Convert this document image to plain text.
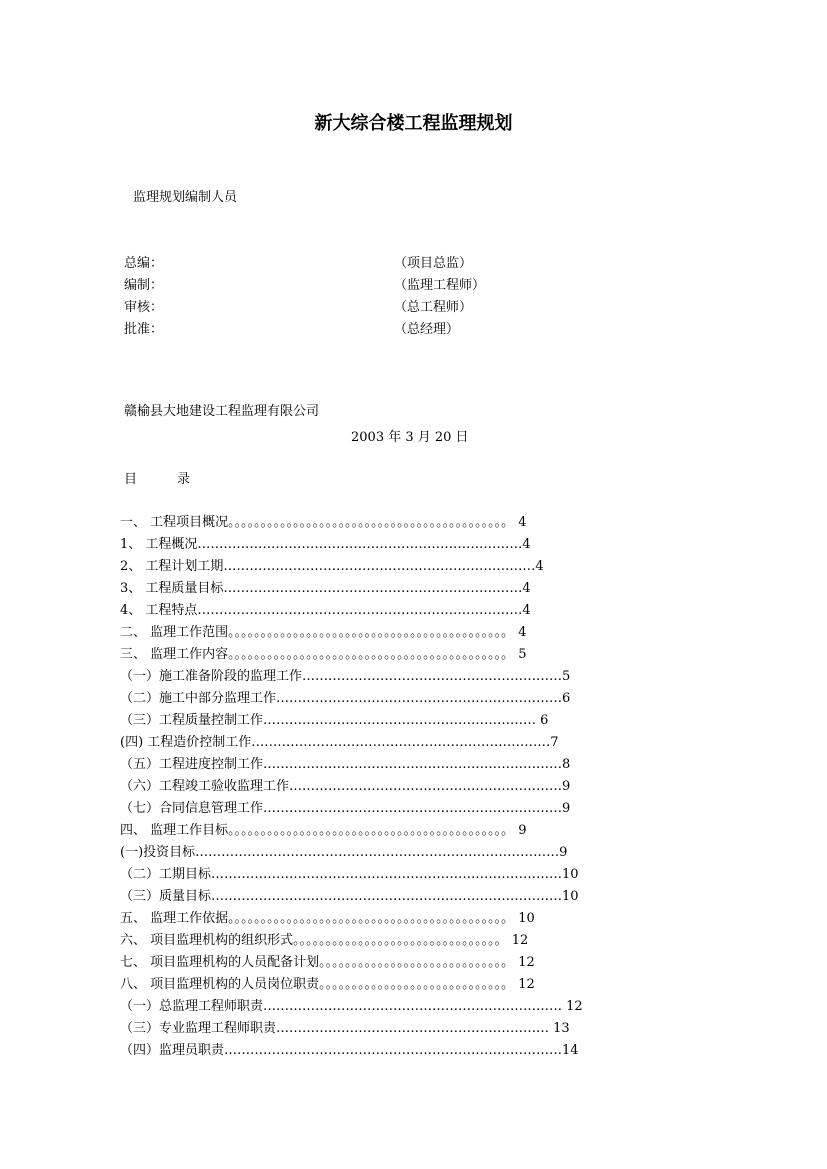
新大综合楼工程监理规划
监理规划编制人员
总编：	（项目总监）
编制：	（监理工程师）
审核：	（总工程师）
批准：	（总经理）
赣榆县大地建设工程监理有限公司
2003 年 3 月 20 日
目	录
一、 工程项目概况。。。。。。。。。。。。。。。。。。。。。。。。。。。。。。。。。。。。。。。。。。。 4
1、 工程概况…………………………………………………………………4
2、 工程计划工期………………………………………………………………4
3、 工程质量目标……………………………………………………………4
4、 工程特点…………………………………………………………………4
二、 监理工作范围。。。。。。。。。。。。。。。。。。。。。。。。。。。。。。。。。。。。。。。。。。。 4
三、 监理工作内容。。。。。。。。。。。。。。。。。。。。。。。。。。。。。。。。。。。。。。。。。。。 5
（一）施工准备阶段的监理工作……………………………………………………5
（二）施工中部分监理工作…………………………………………………………6
（三）工程质量控制工作……………………………………………………… 6
(四) 工程造价控制工作……………………………………………………………7
（五）工程进度控制工作……………………………………………………………8
（六）工程竣工验收监理工作………………………………………………………9
（七）合同信息管理工作……………………………………………………………9
四、 监理工作目标。。。。。。。。。。。。。。。。。。。。。。。。。。。。。。。。。。。。。。。。。。。 9
(一)投资目标…………………………………………………………………………9
（二）工期目标………………………………………………………………………10
（三）质量目标………………………………………………………………………10
五、 监理工作依据。。。。。。。。。。。。。。。。。。。。。。。。。。。。。。。。。。。。。。。。。。。 10
六、 项目监理机构的组织形式。。。。。。。。。。。。。。。。。。。。。。。。。。。。。。。。 12
七、 项目监理机构的人员配备计划。。。。。。。。。。。。。。。。。。。。。。。。。。。。。 12
八、 项目监理机构的人员岗位职责。。。。。。。。。。。。。。。。。。。。。。。。。。。。。 12
（一）总监理工程师职责…………………………………………………………… 12
（三）专业监理工程师职责……………………………………………………… 13
（四）监理员职责……………………………………………………………………14
